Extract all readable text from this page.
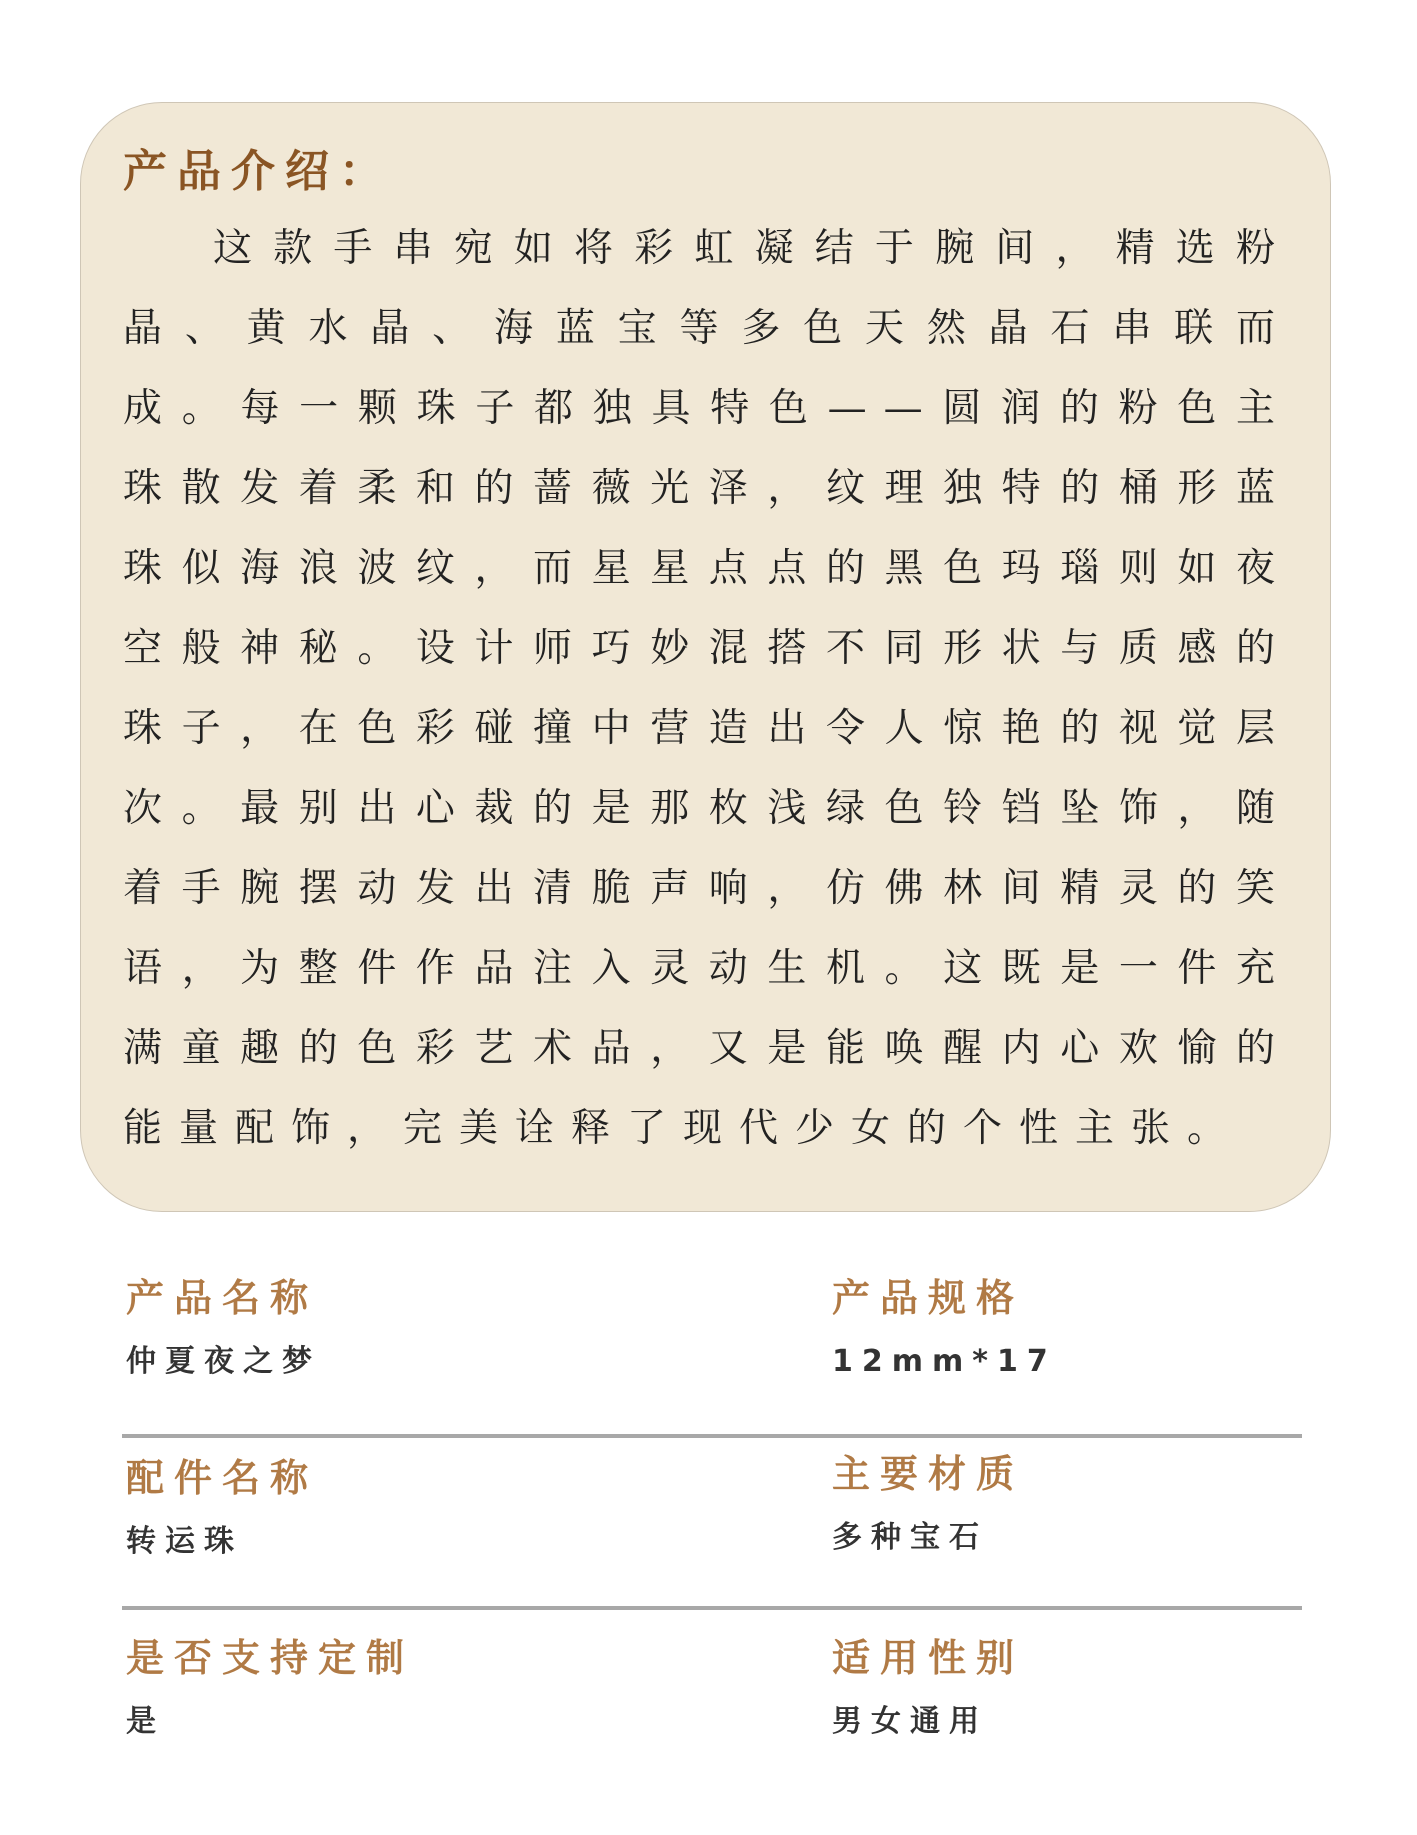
产品介绍：

这款手串宛如将彩虹凝结于腕间，精选粉晶、黄水晶、海蓝宝等多色天然晶石串联而成。每一颗珠子都独具特色——圆润的粉色主珠散发着柔和的蔷薇光泽，纹理独特的桶形蓝珠似海浪波纹，而星星点点的黑色玛瑙则如夜空般神秘。设计师巧妙混搭不同形状与质感的珠子，在色彩碰撞中营造出令人惊艳的视觉层次。最别出心裁的是那枚浅绿色铃铛坠饰，随着手腕摆动发出清脆声响，仿佛林间精灵的笑语，为整件作品注入灵动生机。这既是一件充满童趣的色彩艺术品，又是能唤醒内心欢愉的能量配饰，完美诠释了现代少女的个性主张。

产品名称
仲夏夜之梦
产品规格
12mm*17
配件名称
转运珠
主要材质
多种宝石
是否支持定制
是
适用性别
男女通用
